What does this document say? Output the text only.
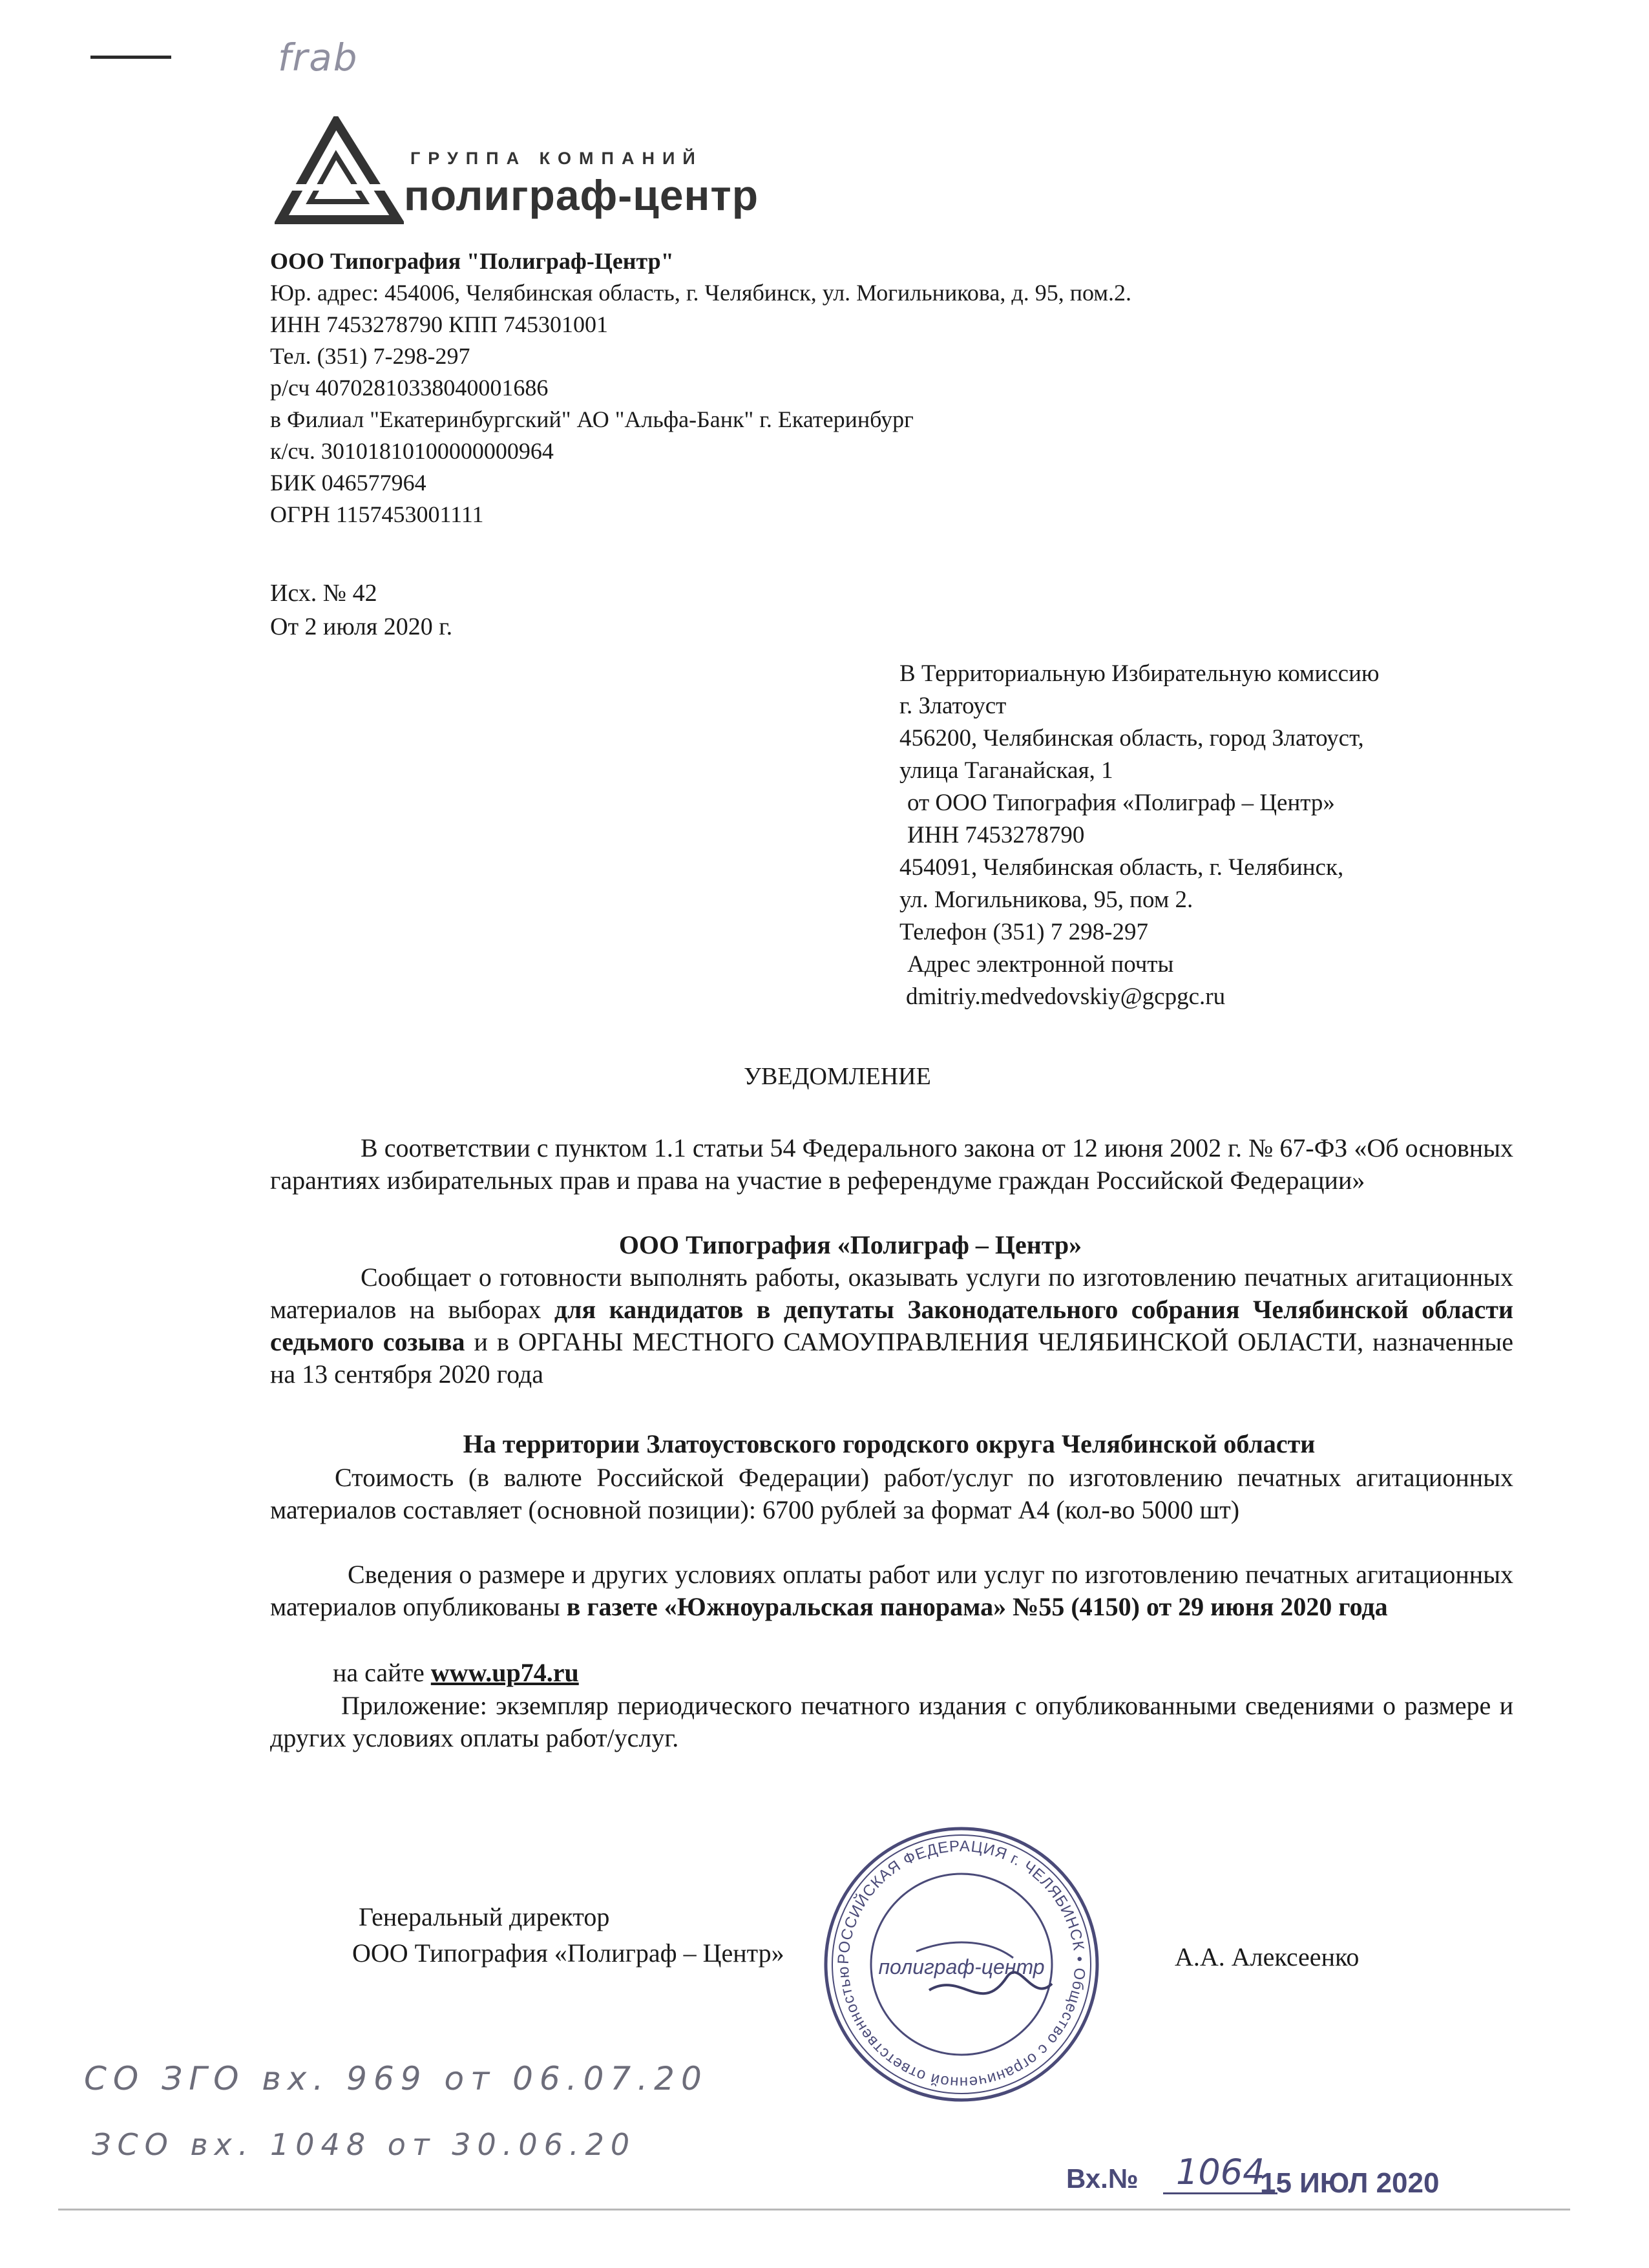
frab
ГРУППА КОМПАНИЙ
полиграф-центр
ООО Типография "Полиграф-Центр"
Юр. адрес: 454006, Челябинская область, г. Челябинск, ул. Могильникова, д. 95, пом.2.
ИНН 7453278790 КПП 745301001
Тел. (351) 7-298-297
р/сч 40702810338040001686
в Филиал "Екатеринбургский" АО "Альфа-Банк" г. Екатеринбург
к/сч. 30101810100000000964
БИК 046577964
ОГРН 1157453001111
Исх. № 42
От 2 июля 2020 г.
В Территориальную Избирательную комиссию
г. Златоуст
456200, Челябинская область, город Златоуст,
улица Таганайская, 1
от ООО Типография «Полиграф – Центр»
ИНН 7453278790
454091, Челябинская область, г. Челябинск,
ул. Могильникова, 95, пом 2.
Телефон (351) 7 298-297
Адрес электронной почты
dmitriy.medvedovskiy@gcpgc.ru
УВЕДОМЛЕНИЕ
В соответствии с пунктом 1.1 статьи 54 Федерального закона от 12 июня 2002 г. № 67-ФЗ «Об основных гарантиях избирательных прав и права на участие в референдуме граждан Российской Федерации»
ООО Типография «Полиграф – Центр»
Сообщает о готовности выполнять работы, оказывать услуги по изготовлению печатных агитационных материалов на выборах для кандидатов в депутаты Законодательного собрания Челябинской области седьмого созыва и в ОРГАНЫ МЕСТНОГО САМОУПРАВЛЕНИЯ ЧЕЛЯБИНСКОЙ ОБЛАСТИ, назначенные на 13 сентября 2020 года
На территории Златоустовского городского округа Челябинской области
Стоимость (в валюте Российской Федерации) работ/услуг по изготовлению печатных агитационных материалов составляет (основной позиции): 6700 рублей за формат А4 (кол-во 5000 шт)
Сведения о размере и других условиях оплаты работ или услуг по изготовлению печатных агитационных материалов опубликованы в газете «Южноуральская панорама» №55 (4150) от 29 июня 2020 года
на сайте www.up74.ru
Приложение: экземпляр периодического печатного издания с опубликованными сведениями о размере и других условиях оплаты работ/услуг.
Генеральный директор
ООО Типография «Полиграф – Центр»	А.А. Алексеенко
РОССИЙСКАЯ ФЕДЕРАЦИЯ г. ЧЕЛЯБИНСК • Общество с ограниченной ответственностью	полиграф-центр
СО ЗГО вх. 969 от 06.07.20
ЗСО вх. 1048 от 30.06.20
Вх.№	1064
15 ИЮЛ 2020
